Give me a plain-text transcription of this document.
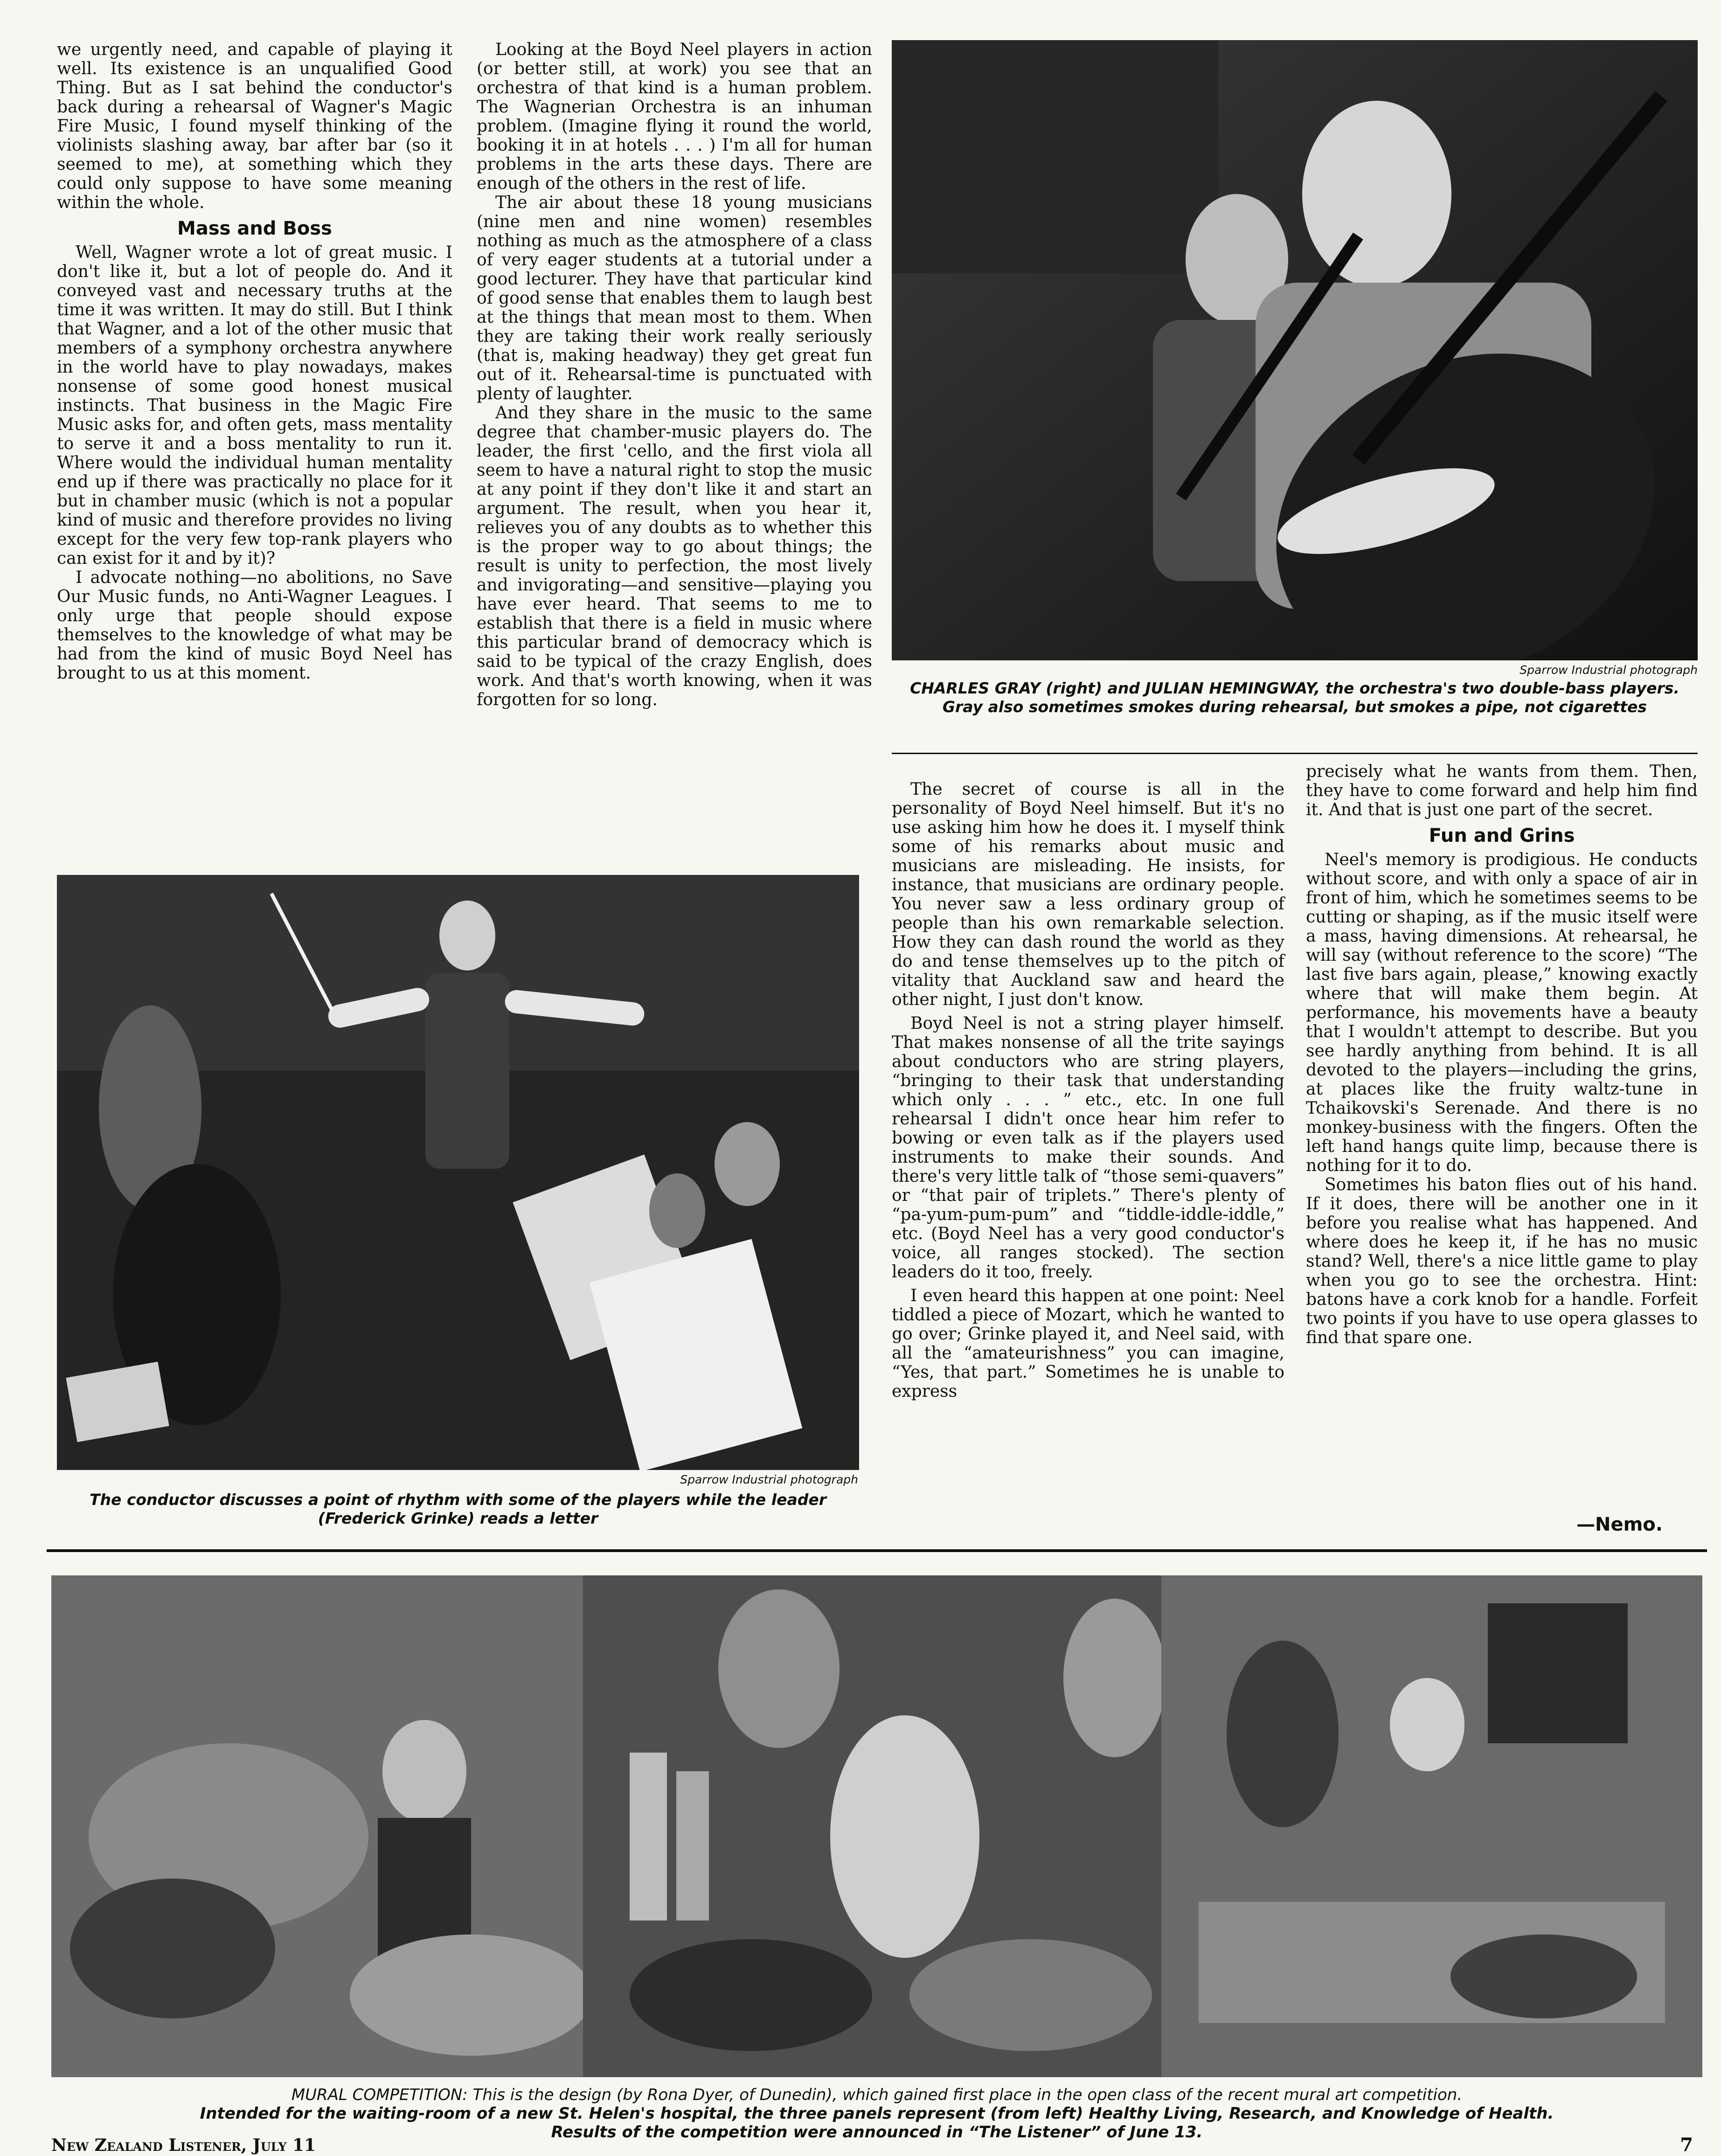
we urgently need, and capable of playing it well. Its existence is an unqualified Good Thing. But as I sat behind the conductor's back during a rehearsal of Wagner's Magic Fire Music, I found myself thinking of the violinists slashing away, bar after bar (so it seemed to me), at something which they could only suppose to have some meaning within the whole.

Mass and Boss

Well, Wagner wrote a lot of great music. I don't like it, but a lot of people do. And it conveyed vast and necessary truths at the time it was written. It may do still. But I think that Wagner, and a lot of the other music that members of a symphony orchestra anywhere in the world have to play nowadays, makes nonsense of some good honest musical instincts. That business in the Magic Fire Music asks for, and often gets, mass mentality to serve it and a boss mentality to run it. Where would the individual human mentality end up if there was practically no place for it but in chamber music (which is not a popular kind of music and therefore provides no living except for the very few top-rank players who can exist for it and by it)?

I advocate nothing—no abolitions, no Save Our Music funds, no Anti-Wagner Leagues. I only urge that people should expose themselves to the knowledge of what may be had from the kind of music Boyd Neel has brought to us at this moment.

Looking at the Boyd Neel players in action (or better still, at work) you see that an orchestra of that kind is a human problem. The Wagnerian Orchestra is an inhuman problem. (Imagine flying it round the world, booking it in at hotels . . . ) I'm all for human problems in the arts these days. There are enough of the others in the rest of life.

The air about these 18 young musicians (nine men and nine women) resembles nothing as much as the atmosphere of a class of very eager students at a tutorial under a good lecturer. They have that particular kind of good sense that enables them to laugh best at the things that mean most to them. When they are taking their work really seriously (that is, making headway) they get great fun out of it. Rehearsal-time is punctuated with plenty of laughter.

And they share in the music to the same degree that chamber-music players do. The leader, the first 'cello, and the first viola all seem to have a natural right to stop the music at any point if they don't like it and start an argument. The result, when you hear it, relieves you of any doubts as to whether this is the proper way to go about things; the result is unity to perfection, the most lively and invigorating—and sensitive—playing you have ever heard. That seems to me to establish that there is a field in music where this particular brand of democracy which is said to be typical of the crazy English, does work. And that's worth knowing, when it was forgotten for so long.

Sparrow Industrial photograph
CHARLES GRAY (right) and JULIAN HEMINGWAY, the orchestra's two double-bass players. Gray also sometimes smokes during rehearsal, but smokes a pipe, not cigarettes
Sparrow Industrial photograph
The conductor discusses a point of rhythm with some of the players while the leader (Frederick Grinke) reads a letter

The secret of course is all in the personality of Boyd Neel himself. But it's no use asking him how he does it. I myself think some of his remarks about music and musicians are misleading. He insists, for instance, that musicians are ordinary people. You never saw a less ordinary group of people than his own remarkable selection. How they can dash round the world as they do and tense themselves up to the pitch of vitality that Auckland saw and heard the other night, I just don't know.

Boyd Neel is not a string player himself. That makes nonsense of all the trite sayings about conductors who are string players, “bringing to their task that understanding which only . . . ” etc., etc. In one full rehearsal I didn't once hear him refer to bowing or even talk as if the players used instruments to make their sounds. And there's very little talk of “those semi-quavers” or “that pair of triplets.” There's plenty of “pa-yum-pum-pum” and “tiddle-iddle-iddle,” etc. (Boyd Neel has a very good conductor's voice, all ranges stocked). The section leaders do it too, freely.

I even heard this happen at one point: Neel tiddled a piece of Mozart, which he wanted to go over; Grinke played it, and Neel said, with all the “amateurishness” you can imagine, “Yes, that part.” Sometimes he is unable to express

precisely what he wants from them. Then, they have to come forward and help him find it. And that is just one part of the secret.

Fun and Grins

Neel's memory is prodigious. He conducts without score, and with only a space of air in front of him, which he sometimes seems to be cutting or shaping, as if the music itself were a mass, having dimensions. At rehearsal, he will say (without reference to the score) “The last five bars again, please,” knowing exactly where that will make them begin. At performance, his movements have a beauty that I wouldn't attempt to describe. But you see hardly anything from behind. It is all devoted to the players—including the grins, at places like the fruity waltz-tune in Tchaikovski's Serenade. And there is no monkey-business with the fingers. Often the left hand hangs quite limp, because there is nothing for it to do.

Sometimes his baton flies out of his hand. If it does, there will be another one in it before you realise what has happened. And where does he keep it, if he has no music stand? Well, there's a nice little game to play when you go to see the orchestra. Hint: batons have a cork knob for a handle. Forfeit two points if you have to use opera glasses to find that spare one.

—Nemo.
MURAL COMPETITION: This is the design (by Rona Dyer, of Dunedin), which gained first place in the open class of the recent mural art competition.
Intended for the waiting-room of a new St. Helen's hospital, the three panels represent (from left) Healthy Living, Research, and Knowledge of Health.
Results of the competition were announced in “The Listener” of June 13.
New Zealand Listener, July 11	7
